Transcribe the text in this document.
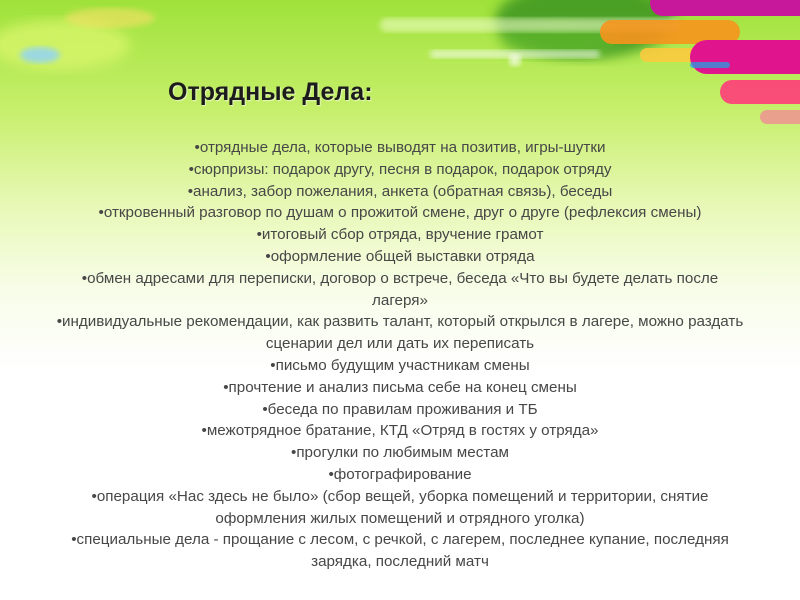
Отрядные Дела:
•отрядные дела, которые выводят на позитив, игры-шутки
•сюрпризы: подарок другу, песня в подарок, подарок отряду
•анализ, забор пожелания, анкета (обратная связь), беседы
•откровенный разговор по душам о прожитой смене, друг о друге (рефлексия смены)
•итоговый сбор отряда, вручение грамот
•оформление общей выставки отряда
•обмен адресами для переписки, договор о встрече, беседа «Что вы будете делать после лагеря»
•индивидуальные рекомендации, как развить талант, который открылся в лагере, можно раздать сценарии дел или дать их переписать
•письмо будущим участникам смены
•прочтение и анализ письма себе на конец смены
•беседа по правилам проживания и ТБ
•межотрядное братание, КТД «Отряд в гостях у отряда»
•прогулки по любимым местам
•фотографирование
•операция «Нас здесь не было» (сбор вещей, уборка помещений и территории, снятие оформления жилых помещений и отрядного уголка)
•специальные дела - прощание с лесом, с речкой, с лагерем, последнее купание, последняя зарядка, последний матч
